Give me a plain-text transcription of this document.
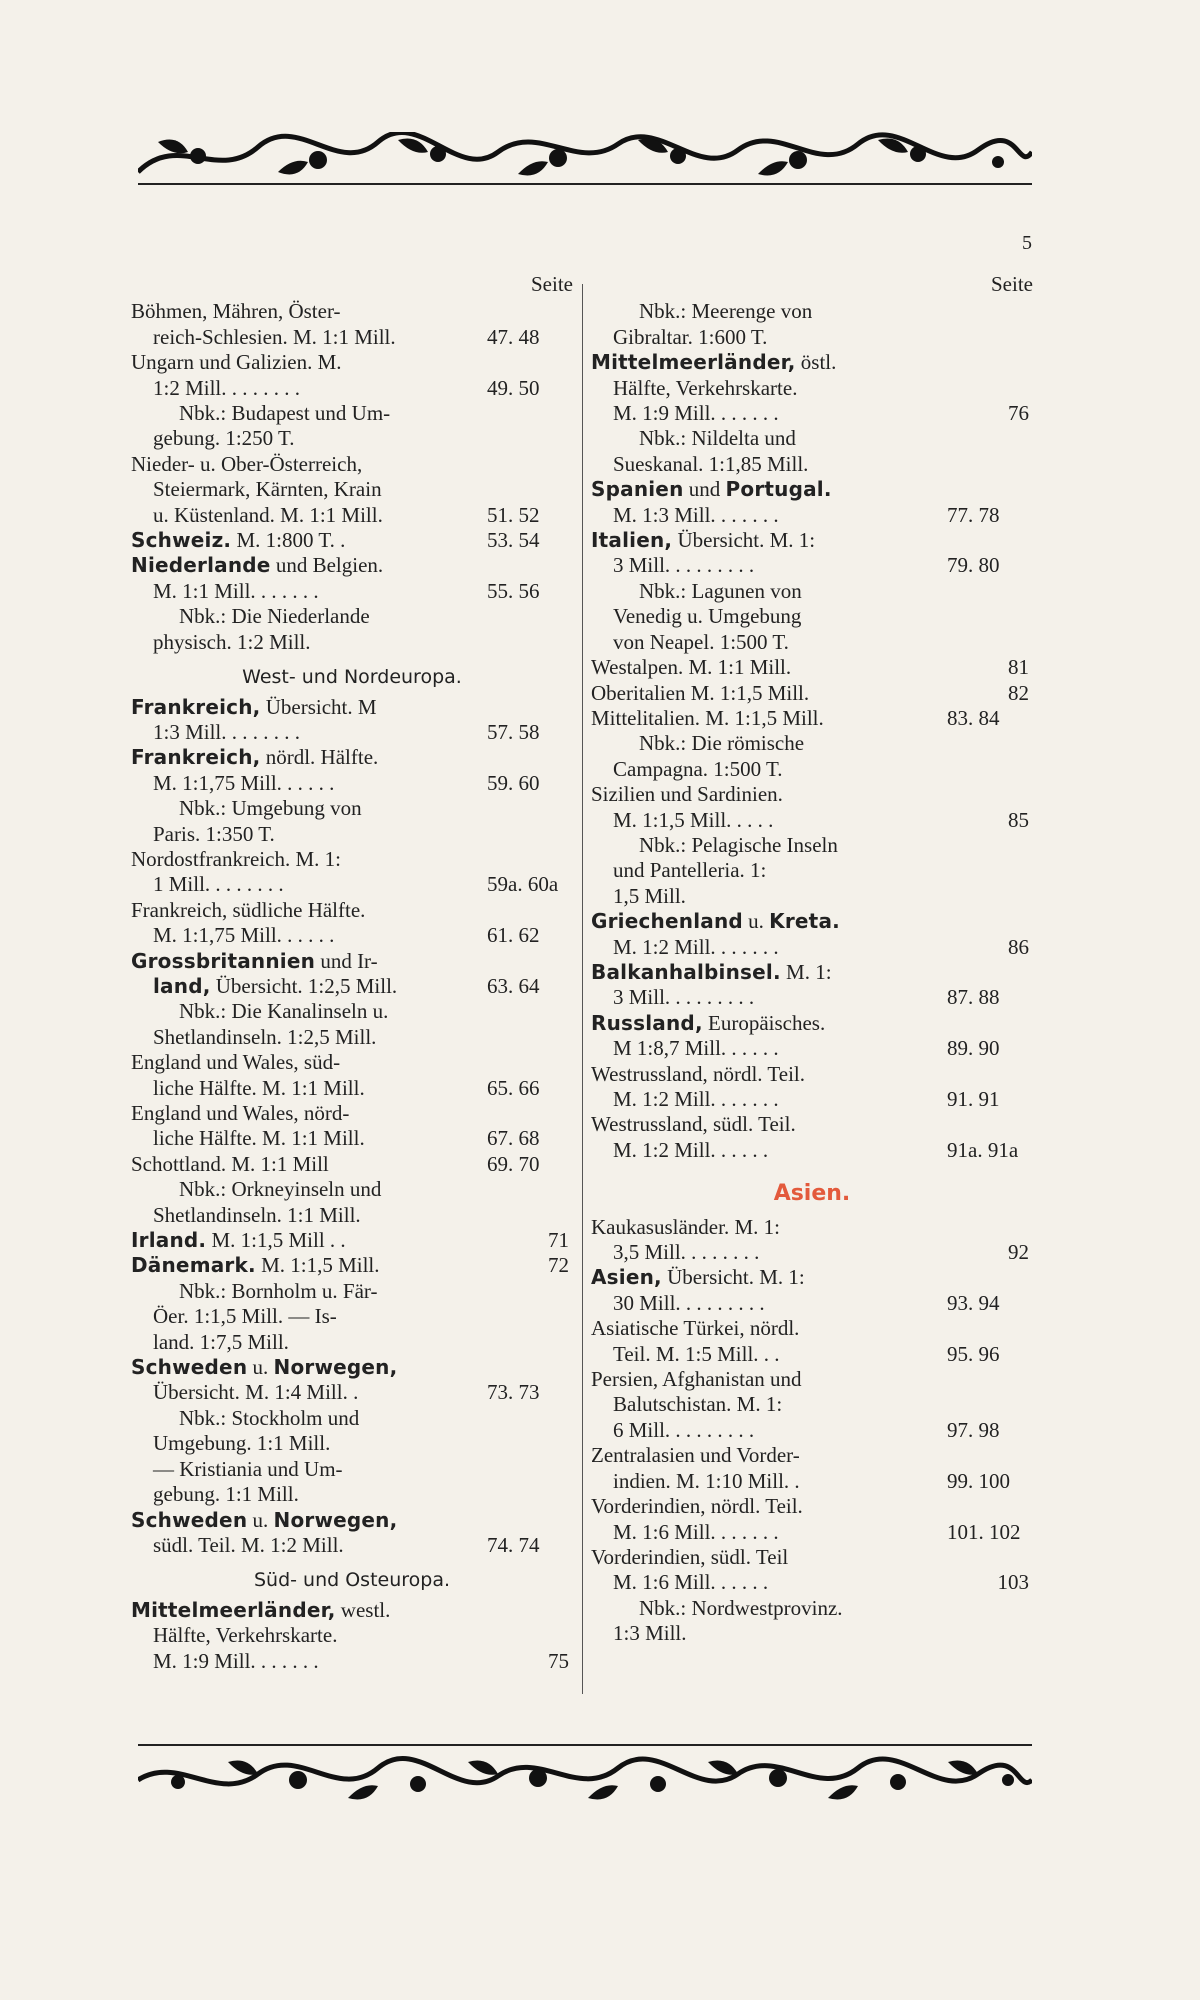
5
Seite
Böhmen, Mähren, Öster-
reich-Schlesien. M. 1:1 Mill.	47. 48
Ungarn und Galizien. M.
1:2 Mill. . . . . . . .	49. 50
Nbk.: Budapest und Um-
gebung. 1:250 T.
Nieder- u. Ober-Österreich,
Steiermark, Kärnten, Krain
u. Küstenland. M. 1:1 Mill.	51. 52
Schweiz. M. 1:800 T. .	53. 54
Niederlande und Belgien.
M. 1:1 Mill. . . . . . .	55. 56
Nbk.: Die Niederlande
physisch. 1:2 Mill.
West- und Nordeuropa.
Frankreich, Übersicht. M
1:3 Mill. . . . . . . .	57. 58
Frankreich, nördl. Hälfte.
M. 1:1,75 Mill. . . . . .	59. 60
Nbk.: Umgebung von
Paris. 1:350 T.
Nordostfrankreich. M. 1:
1 Mill. . . . . . . .	59a. 60a
Frankreich, südliche Hälfte.
M. 1:1,75 Mill. . . . . .	61. 62
Grossbritannien und Ir-
land, Übersicht. 1:2,5 Mill.	63. 64
Nbk.: Die Kanalinseln u.
Shetlandinseln. 1:2,5 Mill.
England und Wales, süd-
liche Hälfte. M. 1:1 Mill.	65. 66
England und Wales, nörd-
liche Hälfte. M. 1:1 Mill.	67. 68
Schottland. M. 1:1 Mill	69. 70
Nbk.: Orkneyinseln und
Shetlandinseln. 1:1 Mill.
Irland. M. 1:1,5 Mill . .	71
Dänemark. M. 1:1,5 Mill.	72
Nbk.: Bornholm u. Fär-
Öer. 1:1,5 Mill. — Is-
land. 1:7,5 Mill.
Schweden u. Norwegen,
Übersicht. M. 1:4 Mill. .	73. 73
Nbk.: Stockholm und
Umgebung. 1:1 Mill.
— Kristiania und Um-
gebung. 1:1 Mill.
Schweden u. Norwegen,
südl. Teil. M. 1:2 Mill.	74. 74
Süd- und Osteuropa.
Mittelmeerländer, westl.
Hälfte, Verkehrskarte.
M. 1:9 Mill. . . . . . .	75
Seite
Nbk.: Meerenge von
Gibraltar. 1:600 T.
Mittelmeerländer, östl.
Hälfte, Verkehrskarte.
M. 1:9 Mill. . . . . . .	76
Nbk.: Nildelta und
Sueskanal. 1:1,85 Mill.
Spanien und Portugal.
M. 1:3 Mill. . . . . . .	77. 78
Italien, Übersicht. M. 1:
3 Mill. . . . . . . . .	79. 80
Nbk.: Lagunen von
Venedig u. Umgebung
von Neapel. 1:500 T.
Westalpen. M. 1:1 Mill.	81
Oberitalien M. 1:1,5 Mill.	82
Mittelitalien. M. 1:1,5 Mill.	83. 84
Nbk.: Die römische
Campagna. 1:500 T.
Sizilien und Sardinien.
M. 1:1,5 Mill. . . . .	85
Nbk.: Pelagische Inseln
und Pantelleria. 1:
1,5 Mill.
Griechenland u. Kreta.
M. 1:2 Mill. . . . . . .	86
Balkanhalbinsel. M. 1:
3 Mill. . . . . . . . .	87. 88
Russland, Europäisches.
M 1:8,7 Mill. . . . . .	89. 90
Westrussland, nördl. Teil.
M. 1:2 Mill. . . . . . .	91. 91
Westrussland, südl. Teil.
M. 1:2 Mill. . . . . .	91a. 91a
Asien.
Kaukasusländer. M. 1:
3,5 Mill. . . . . . . .	92
Asien, Übersicht. M. 1:
30 Mill. . . . . . . . .	93. 94
Asiatische Türkei, nördl.
Teil. M. 1:5 Mill. . .	95. 96
Persien, Afghanistan und
Balutschistan. M. 1:
6 Mill. . . . . . . . .	97. 98
Zentralasien und Vorder-
indien. M. 1:10 Mill. .	99. 100
Vorderindien, nördl. Teil.
M. 1:6 Mill. . . . . . .	101. 102
Vorderindien, südl. Teil
M. 1:6 Mill. . . . . .	103
Nbk.: Nordwestprovinz.
1:3 Mill.
